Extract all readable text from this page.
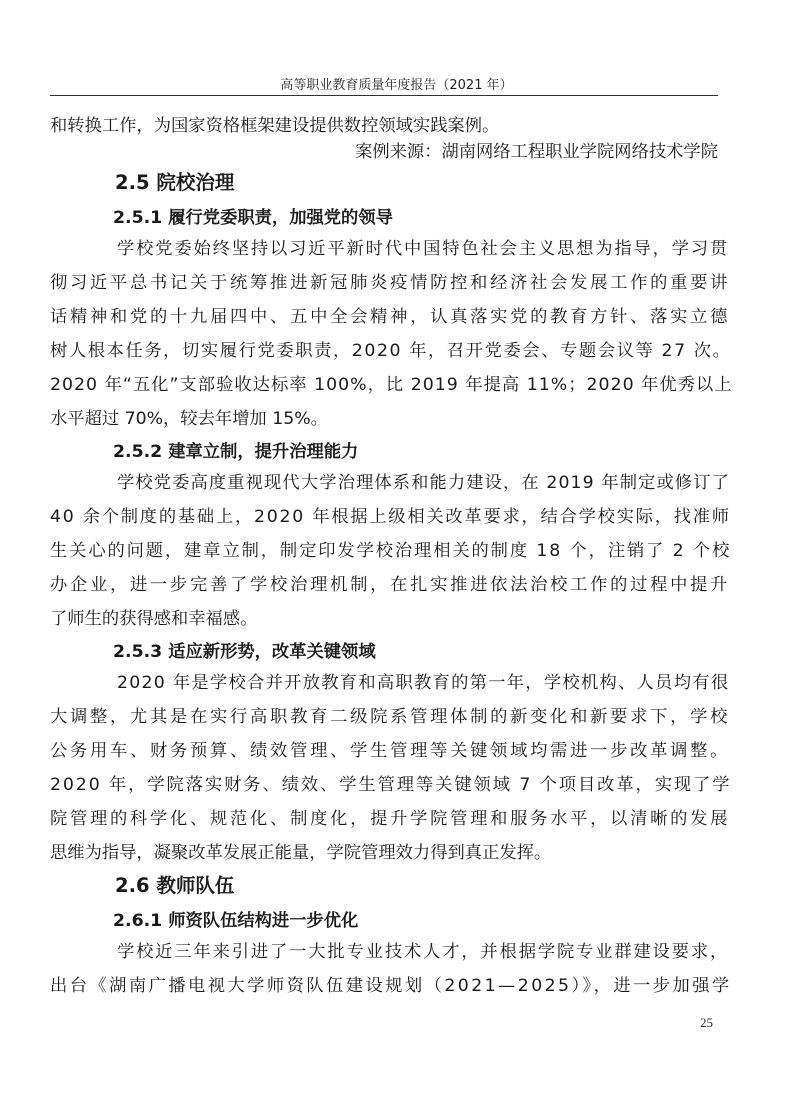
高等职业教育质量年度报告（2021 年）
和转换工作，为国家资格框架建设提供数控领域实践案例。
案例来源：湖南网络工程职业学院网络技术学院
2.5 院校治理
2.5.1 履行党委职责，加强党的领导
学校党委始终坚持以习近平新时代中国特色社会主义思想为指导，学习贯
彻习近平总书记关于统筹推进新冠肺炎疫情防控和经济社会发展工作的重要讲
话精神和党的十九届四中、五中全会精神，认真落实党的教育方针、落实立德
树人根本任务，切实履行党委职责，2020 年，召开党委会、专题会议等 27 次。
2020 年“五化”支部验收达标率 100%，比 2019 年提高 11%；2020 年优秀以上
水平超过 70%，较去年增加 15%。
2.5.2 建章立制，提升治理能力
学校党委高度重视现代大学治理体系和能力建设，在 2019 年制定或修订了
40 余个制度的基础上，2020 年根据上级相关改革要求，结合学校实际，找准师
生关心的问题，建章立制，制定印发学校治理相关的制度 18 个，注销了 2 个校
办企业，进一步完善了学校治理机制，在扎实推进依法治校工作的过程中提升
了师生的获得感和幸福感。
2.5.3 适应新形势，改革关键领域
2020 年是学校合并开放教育和高职教育的第一年，学校机构、人员均有很
大调整，尤其是在实行高职教育二级院系管理体制的新变化和新要求下，学校
公务用车、财务预算、绩效管理、学生管理等关键领域均需进一步改革调整。
2020 年，学院落实财务、绩效、学生管理等关键领域 7 个项目改革，实现了学
院管理的科学化、规范化、制度化，提升学院管理和服务水平，以清晰的发展
思维为指导，凝聚改革发展正能量，学院管理效力得到真正发挥。
2.6 教师队伍
2.6.1 师资队伍结构进一步优化
学校近三年来引进了一大批专业技术人才，并根据学院专业群建设要求，
出台《湖南广播电视大学师资队伍建设规划（2021—2025）》，进一步加强学
25
